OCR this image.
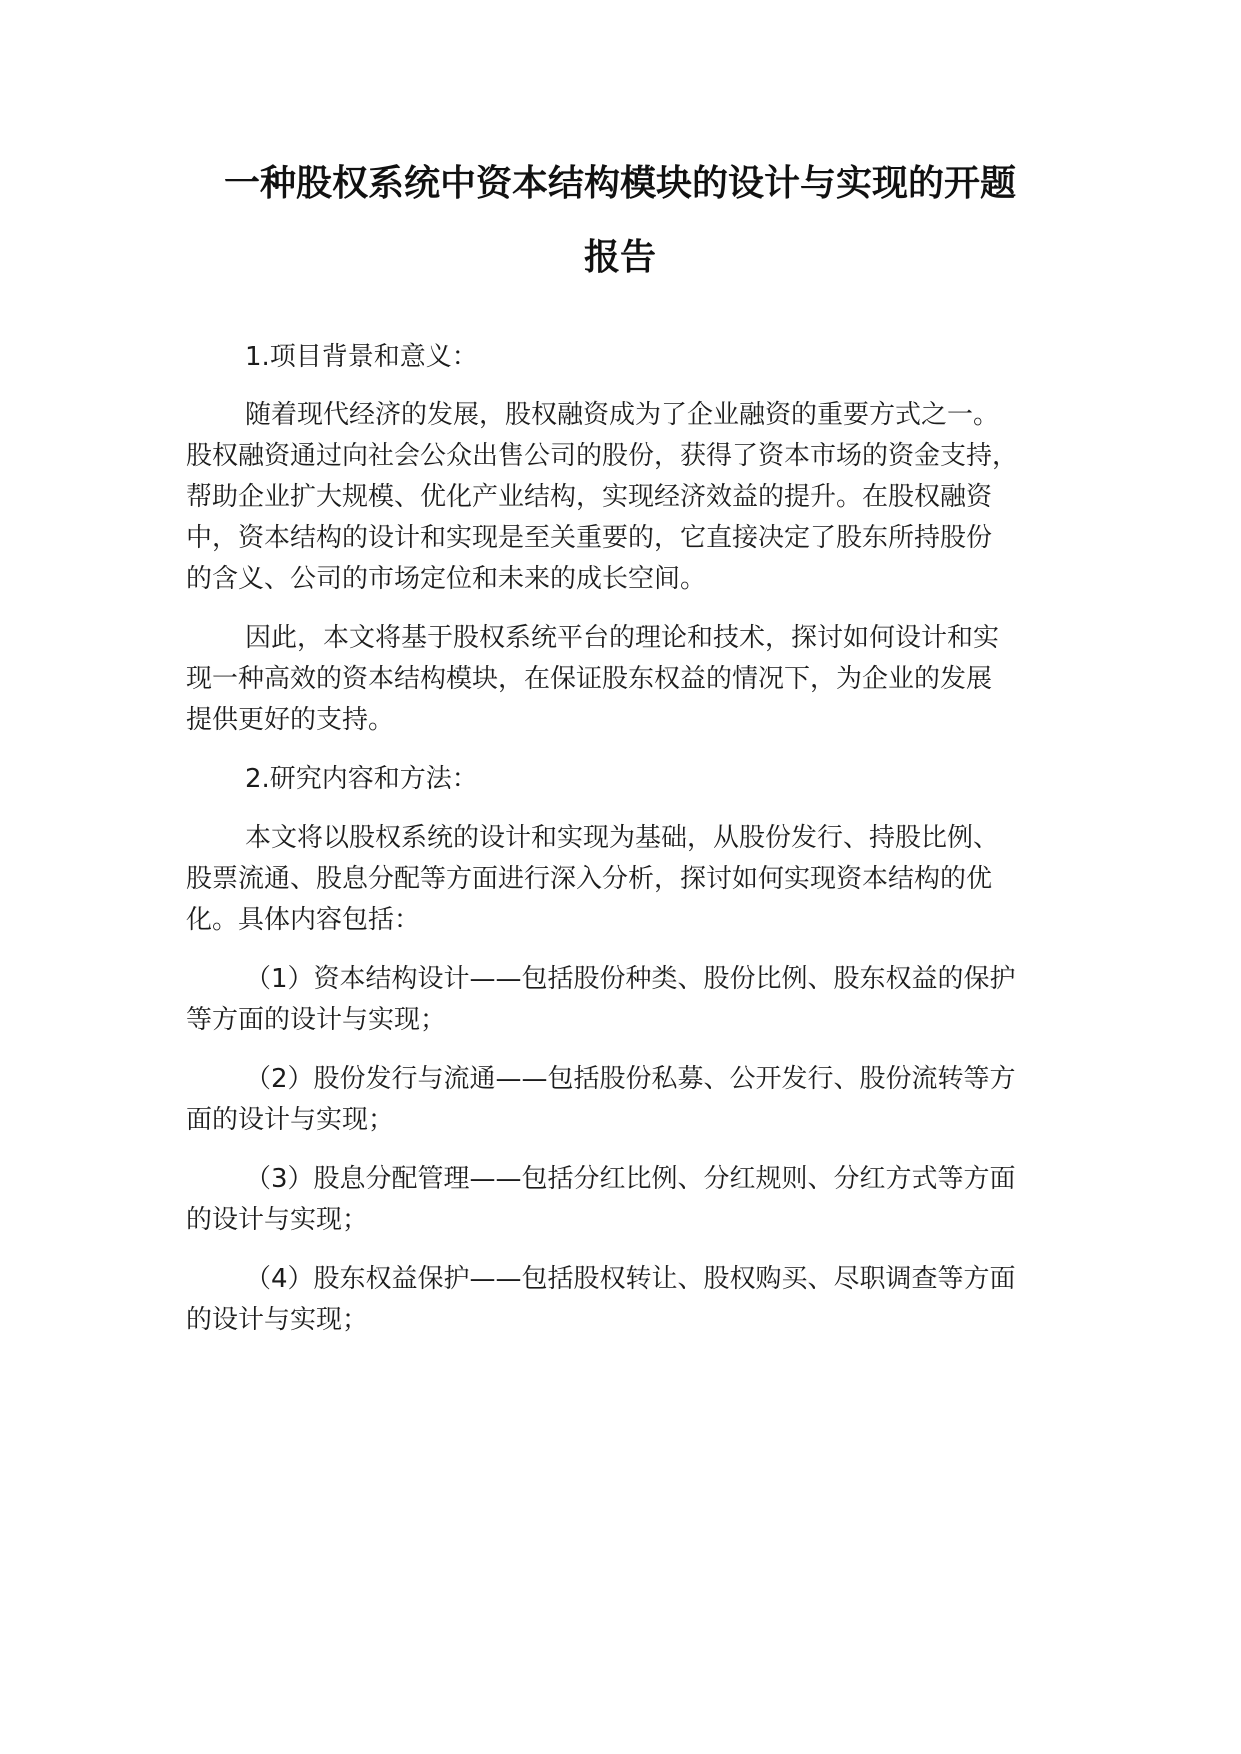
一种股权系统中资本结构模块的设计与实现的开题
报告
1.项目背景和意义：
随着现代经济的发展，股权融资成为了企业融资的重要方式之一。
股权融资通过向社会公众出售公司的股份，获得了资本市场的资金支持，
帮助企业扩大规模、优化产业结构，实现经济效益的提升。在股权融资
中，资本结构的设计和实现是至关重要的，它直接决定了股东所持股份
的含义、公司的市场定位和未来的成长空间。
因此，本文将基于股权系统平台的理论和技术，探讨如何设计和实
现一种高效的资本结构模块，在保证股东权益的情况下，为企业的发展
提供更好的支持。
2.研究内容和方法：
本文将以股权系统的设计和实现为基础，从股份发行、持股比例、
股票流通、股息分配等方面进行深入分析，探讨如何实现资本结构的优
化。具体内容包括：
（1）资本结构设计——包括股份种类、股份比例、股东权益的保护
等方面的设计与实现；
（2）股份发行与流通——包括股份私募、公开发行、股份流转等方
面的设计与实现；
（3）股息分配管理——包括分红比例、分红规则、分红方式等方面
的设计与实现；
（4）股东权益保护——包括股权转让、股权购买、尽职调查等方面
的设计与实现；
